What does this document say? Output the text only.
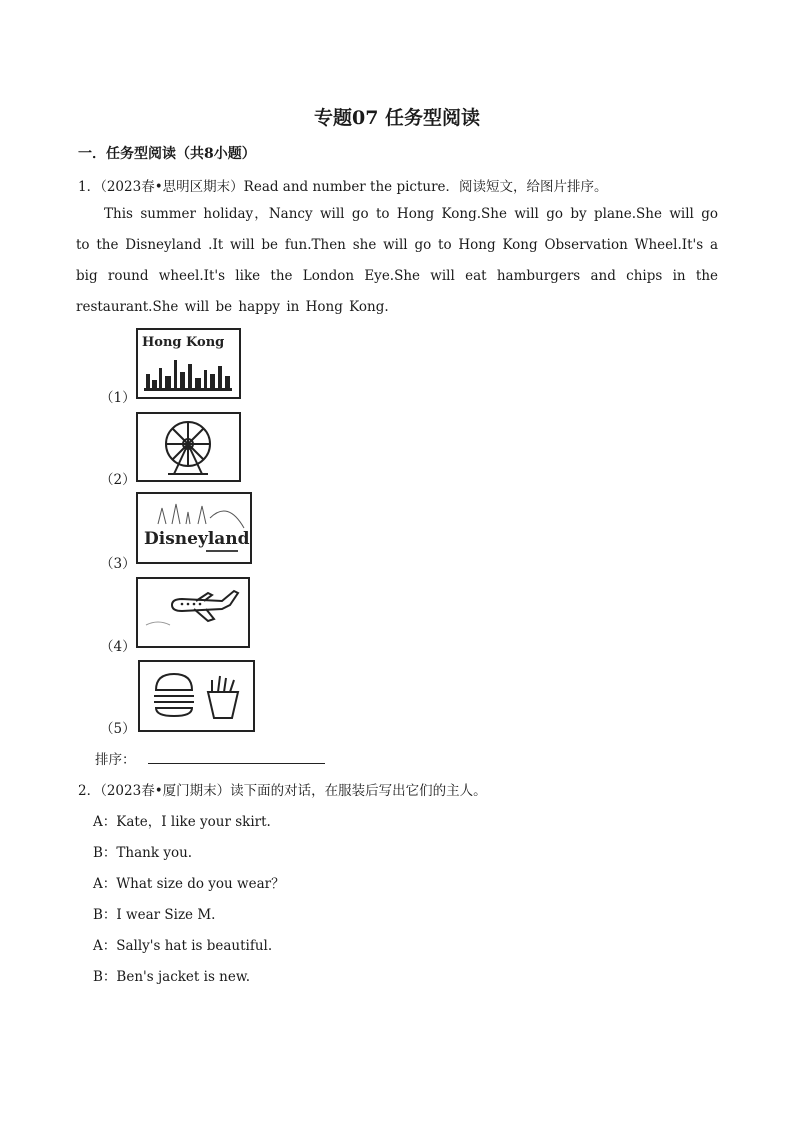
专题07 任务型阅读
一．任务型阅读（共8小题）
1．（2023春•思明区期末）Read and number the picture．阅读短文，给图片排序。
This summer holiday，Nancy will go to Hong Kong.She will go by plane.She will go to the Disneyland .It will be fun.Then she will go to Hong Kong Observation Wheel.It's a big round wheel.It's like the London Eye.She will eat hamburgers and chips in the restaurant.She will be happy in Hong Kong.
（1）
Hong Kong
（2）
（3）
Disneyland
（4）
（5）
排序：
2．（2023春•厦门期末）读下面的对话，在服装后写出它们的主人。
A：Kate，I like your skirt.
B：Thank you.
A：What size do you wear？
B：I wear Size M.
A：Sally's hat is beautiful.
B：Ben's jacket is new.
